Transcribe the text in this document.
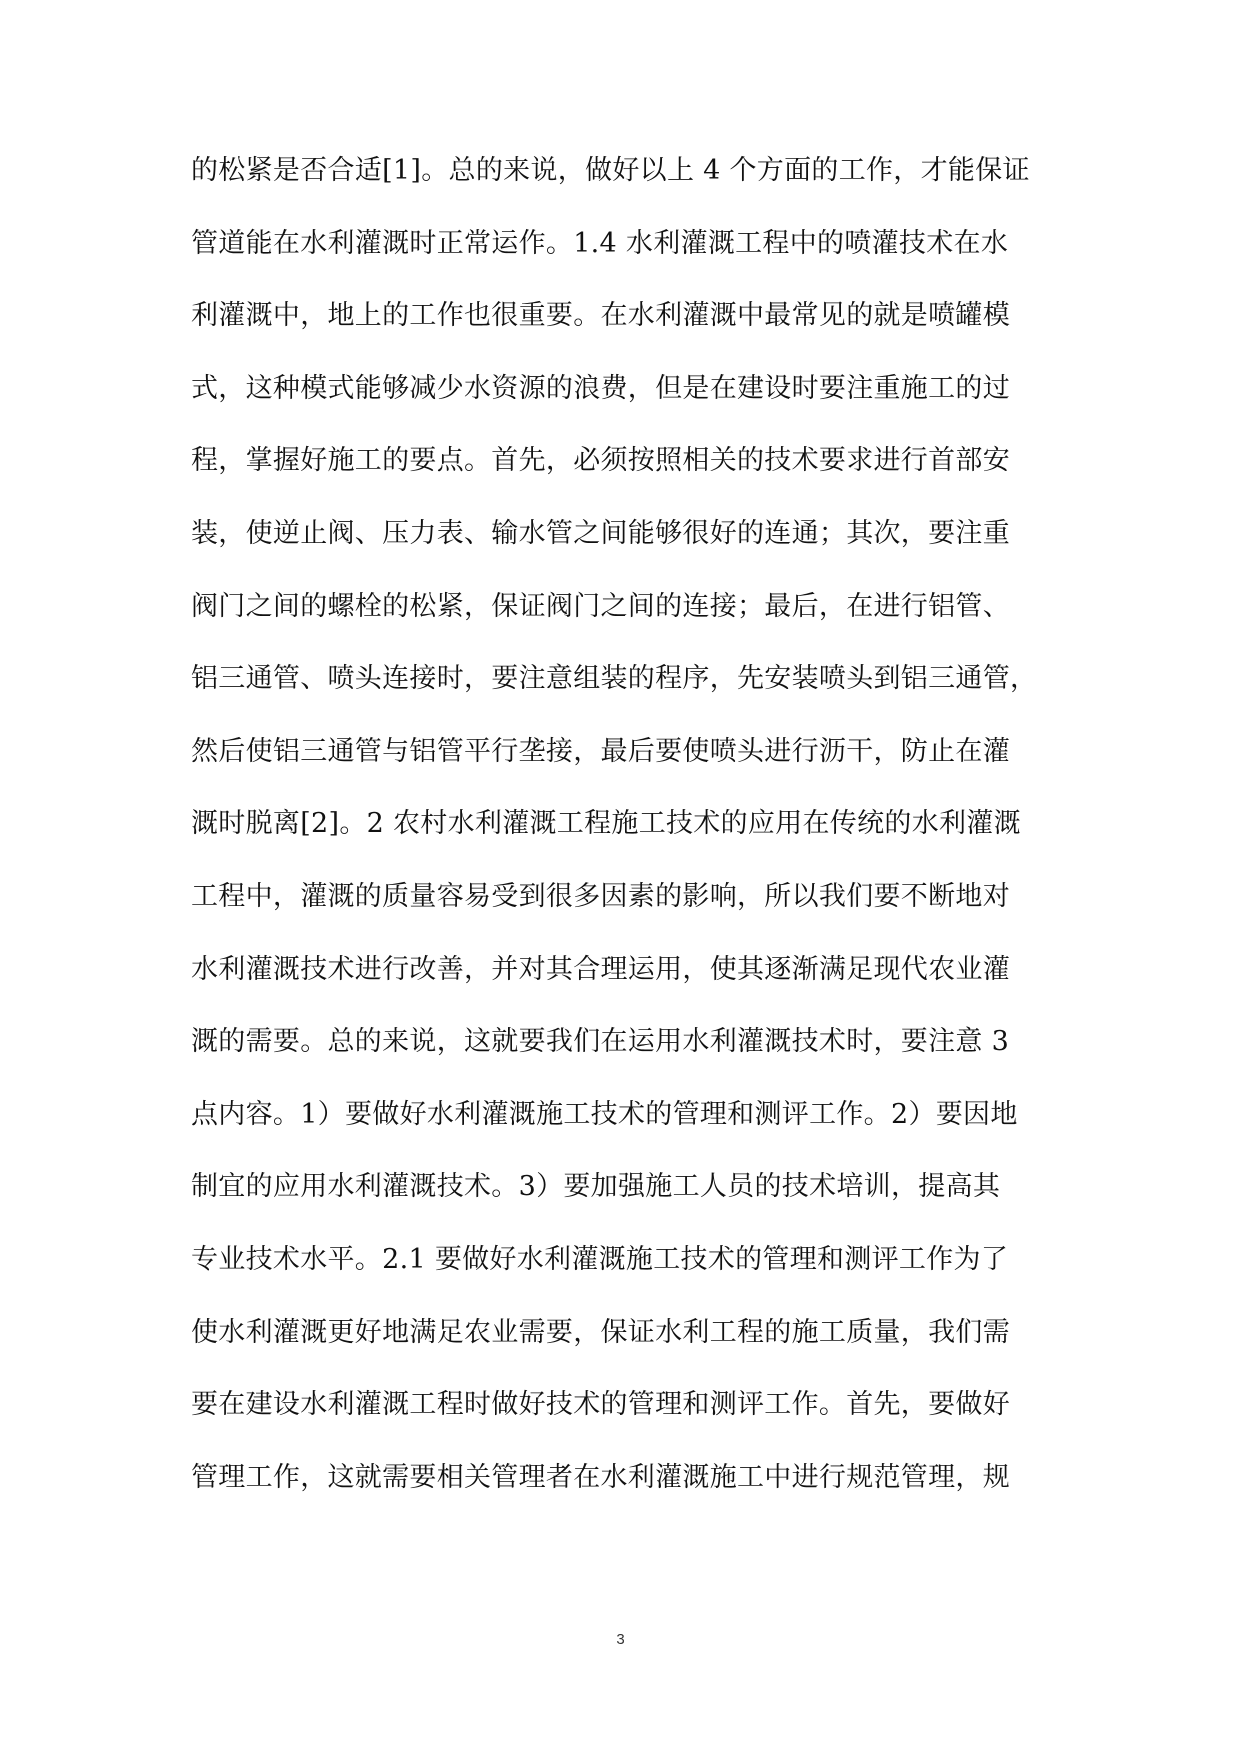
的松紧是否合适[1]。总的来说，做好以上 4 个方面的工作，才能保证
管道能在水利灌溉时正常运作。1.4 水利灌溉工程中的喷灌技术在水
利灌溉中，地上的工作也很重要。在水利灌溉中最常见的就是喷罐模
式，这种模式能够减少水资源的浪费，但是在建设时要注重施工的过
程，掌握好施工的要点。首先，必须按照相关的技术要求进行首部安
装，使逆止阀、压力表、输水管之间能够很好的连通；其次，要注重
阀门之间的螺栓的松紧，保证阀门之间的连接；最后，在进行铝管、
铝三通管、喷头连接时，要注意组装的程序，先安装喷头到铝三通管，
然后使铝三通管与铝管平行垄接，最后要使喷头进行沥干，防止在灌
溉时脱离[2]。2 农村水利灌溉工程施工技术的应用在传统的水利灌溉
工程中，灌溉的质量容易受到很多因素的影响，所以我们要不断地对
水利灌溉技术进行改善，并对其合理运用，使其逐渐满足现代农业灌
溉的需要。总的来说，这就要我们在运用水利灌溉技术时，要注意 3
点内容。1）要做好水利灌溉施工技术的管理和测评工作。2）要因地
制宜的应用水利灌溉技术。3）要加强施工人员的技术培训，提高其
专业技术水平。2.1 要做好水利灌溉施工技术的管理和测评工作为了
使水利灌溉更好地满足农业需要，保证水利工程的施工质量，我们需
要在建设水利灌溉工程时做好技术的管理和测评工作。首先，要做好
管理工作，这就需要相关管理者在水利灌溉施工中进行规范管理，规
3
